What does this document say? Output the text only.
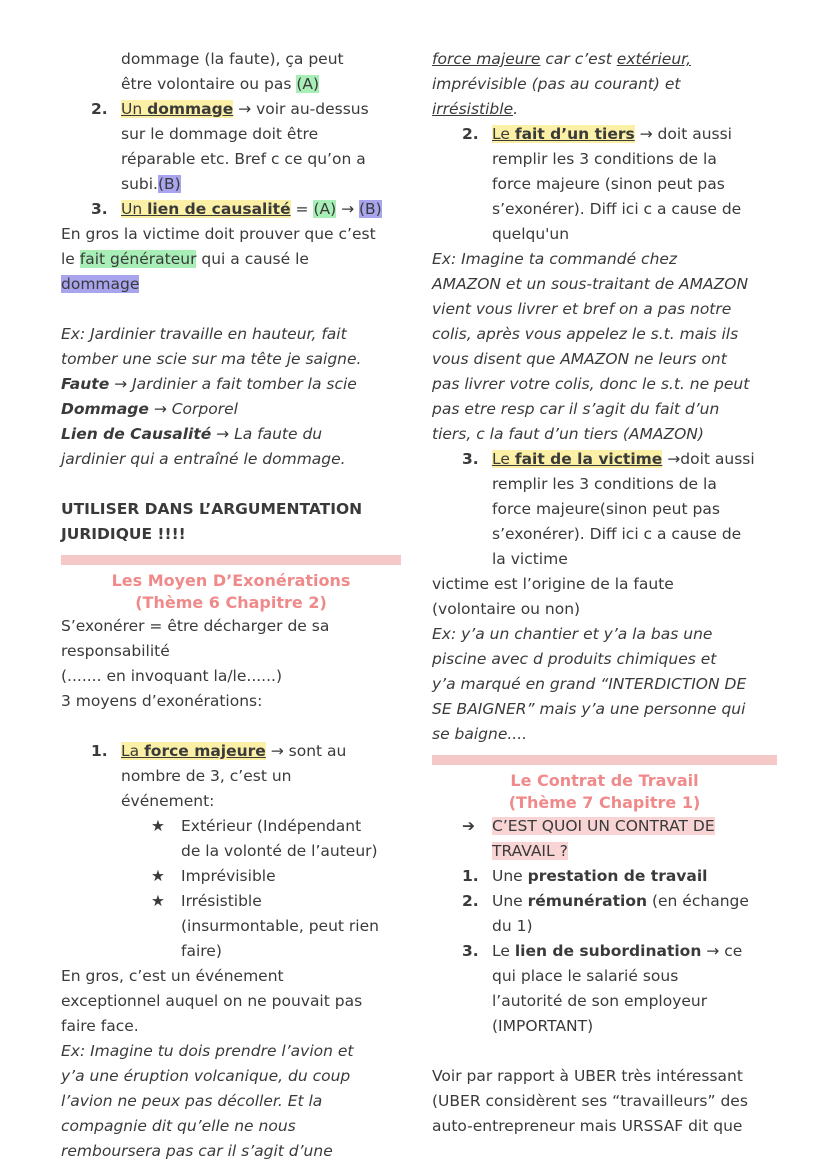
dommage (la faute), ça peut

être volontaire ou pas (A)

2. Un dommage → voir au-dessus

sur le dommage doit être

réparable etc. Bref c ce qu’on a

subi.(B)

3. Un lien de causalité = (A) → (B)

En gros la victime doit prouver que c’est

le fait générateur qui a causé le

dommage

Ex: Jardinier travaille en hauteur, fait

tomber une scie sur ma tête je saigne.

Faute → Jardinier a fait tomber la scie

Dommage → Corporel

Lien de Causalité → La faute du

jardinier qui a entraîné le dommage.

UTILISER DANS L’ARGUMENTATION

JURIDIQUE !!!!

Les Moyen D’Exonérations

(Thème 6 Chapitre 2)

S’exonérer = être décharger de sa

responsabilité

(....... en invoquant la/le......)

3 moyens d’exonérations:

1. La force majeure → sont au

nombre de 3, c’est un

événement:

★ Extérieur (Indépendant

de la volonté de l’auteur)

★ Imprévisible

★ Irrésistible

(insurmontable, peut rien

faire)

En gros, c’est un événement

exceptionnel auquel on ne pouvait pas

faire face.

Ex: Imagine tu dois prendre l’avion et

y’a une éruption volcanique, du coup

l’avion ne peux pas décoller. Et la

compagnie dit qu’elle ne nous

remboursera pas car il s’agit d’une

force majeure car c’est extérieur,

imprévisible (pas au courant) et

irrésistible.

2. Le fait d’un tiers → doit aussi

remplir les 3 conditions de la

force majeure (sinon peut pas

s’exonérer). Diff ici c a cause de

quelqu'un

Ex: Imagine ta commandé chez

AMAZON et un sous-traitant de AMAZON

vient vous livrer et bref on a pas notre

colis, après vous appelez le s.t. mais ils

vous disent que AMAZON ne leurs ont

pas livrer votre colis, donc le s.t. ne peut

pas etre resp car il s’agit du fait d’un

tiers, c la faut d’un tiers (AMAZON)

3. Le fait de la victime →doit aussi

remplir les 3 conditions de la

force majeure(sinon peut pas

s’exonérer). Diff ici c a cause de

la victime

victime est l’origine de la faute

(volontaire ou non)

Ex: y’a un chantier et y’a la bas une

piscine avec d produits chimiques et

y’a marqué en grand “INTERDICTION DE

SE BAIGNER” mais y’a une personne qui

se baigne....

Le Contrat de Travail

(Thème 7 Chapitre 1)

➔ C’EST QUOI UN CONTRAT DE

TRAVAIL ?

1. Une prestation de travail

2. Une rémunération (en échange

du 1)

3. Le lien de subordination → ce

qui place le salarié sous

l’autorité de son employeur

(IMPORTANT)

Voir par rapport à UBER très intéressant

(UBER considèrent ses “travailleurs” des

auto-entrepreneur mais URSSAF dit que
